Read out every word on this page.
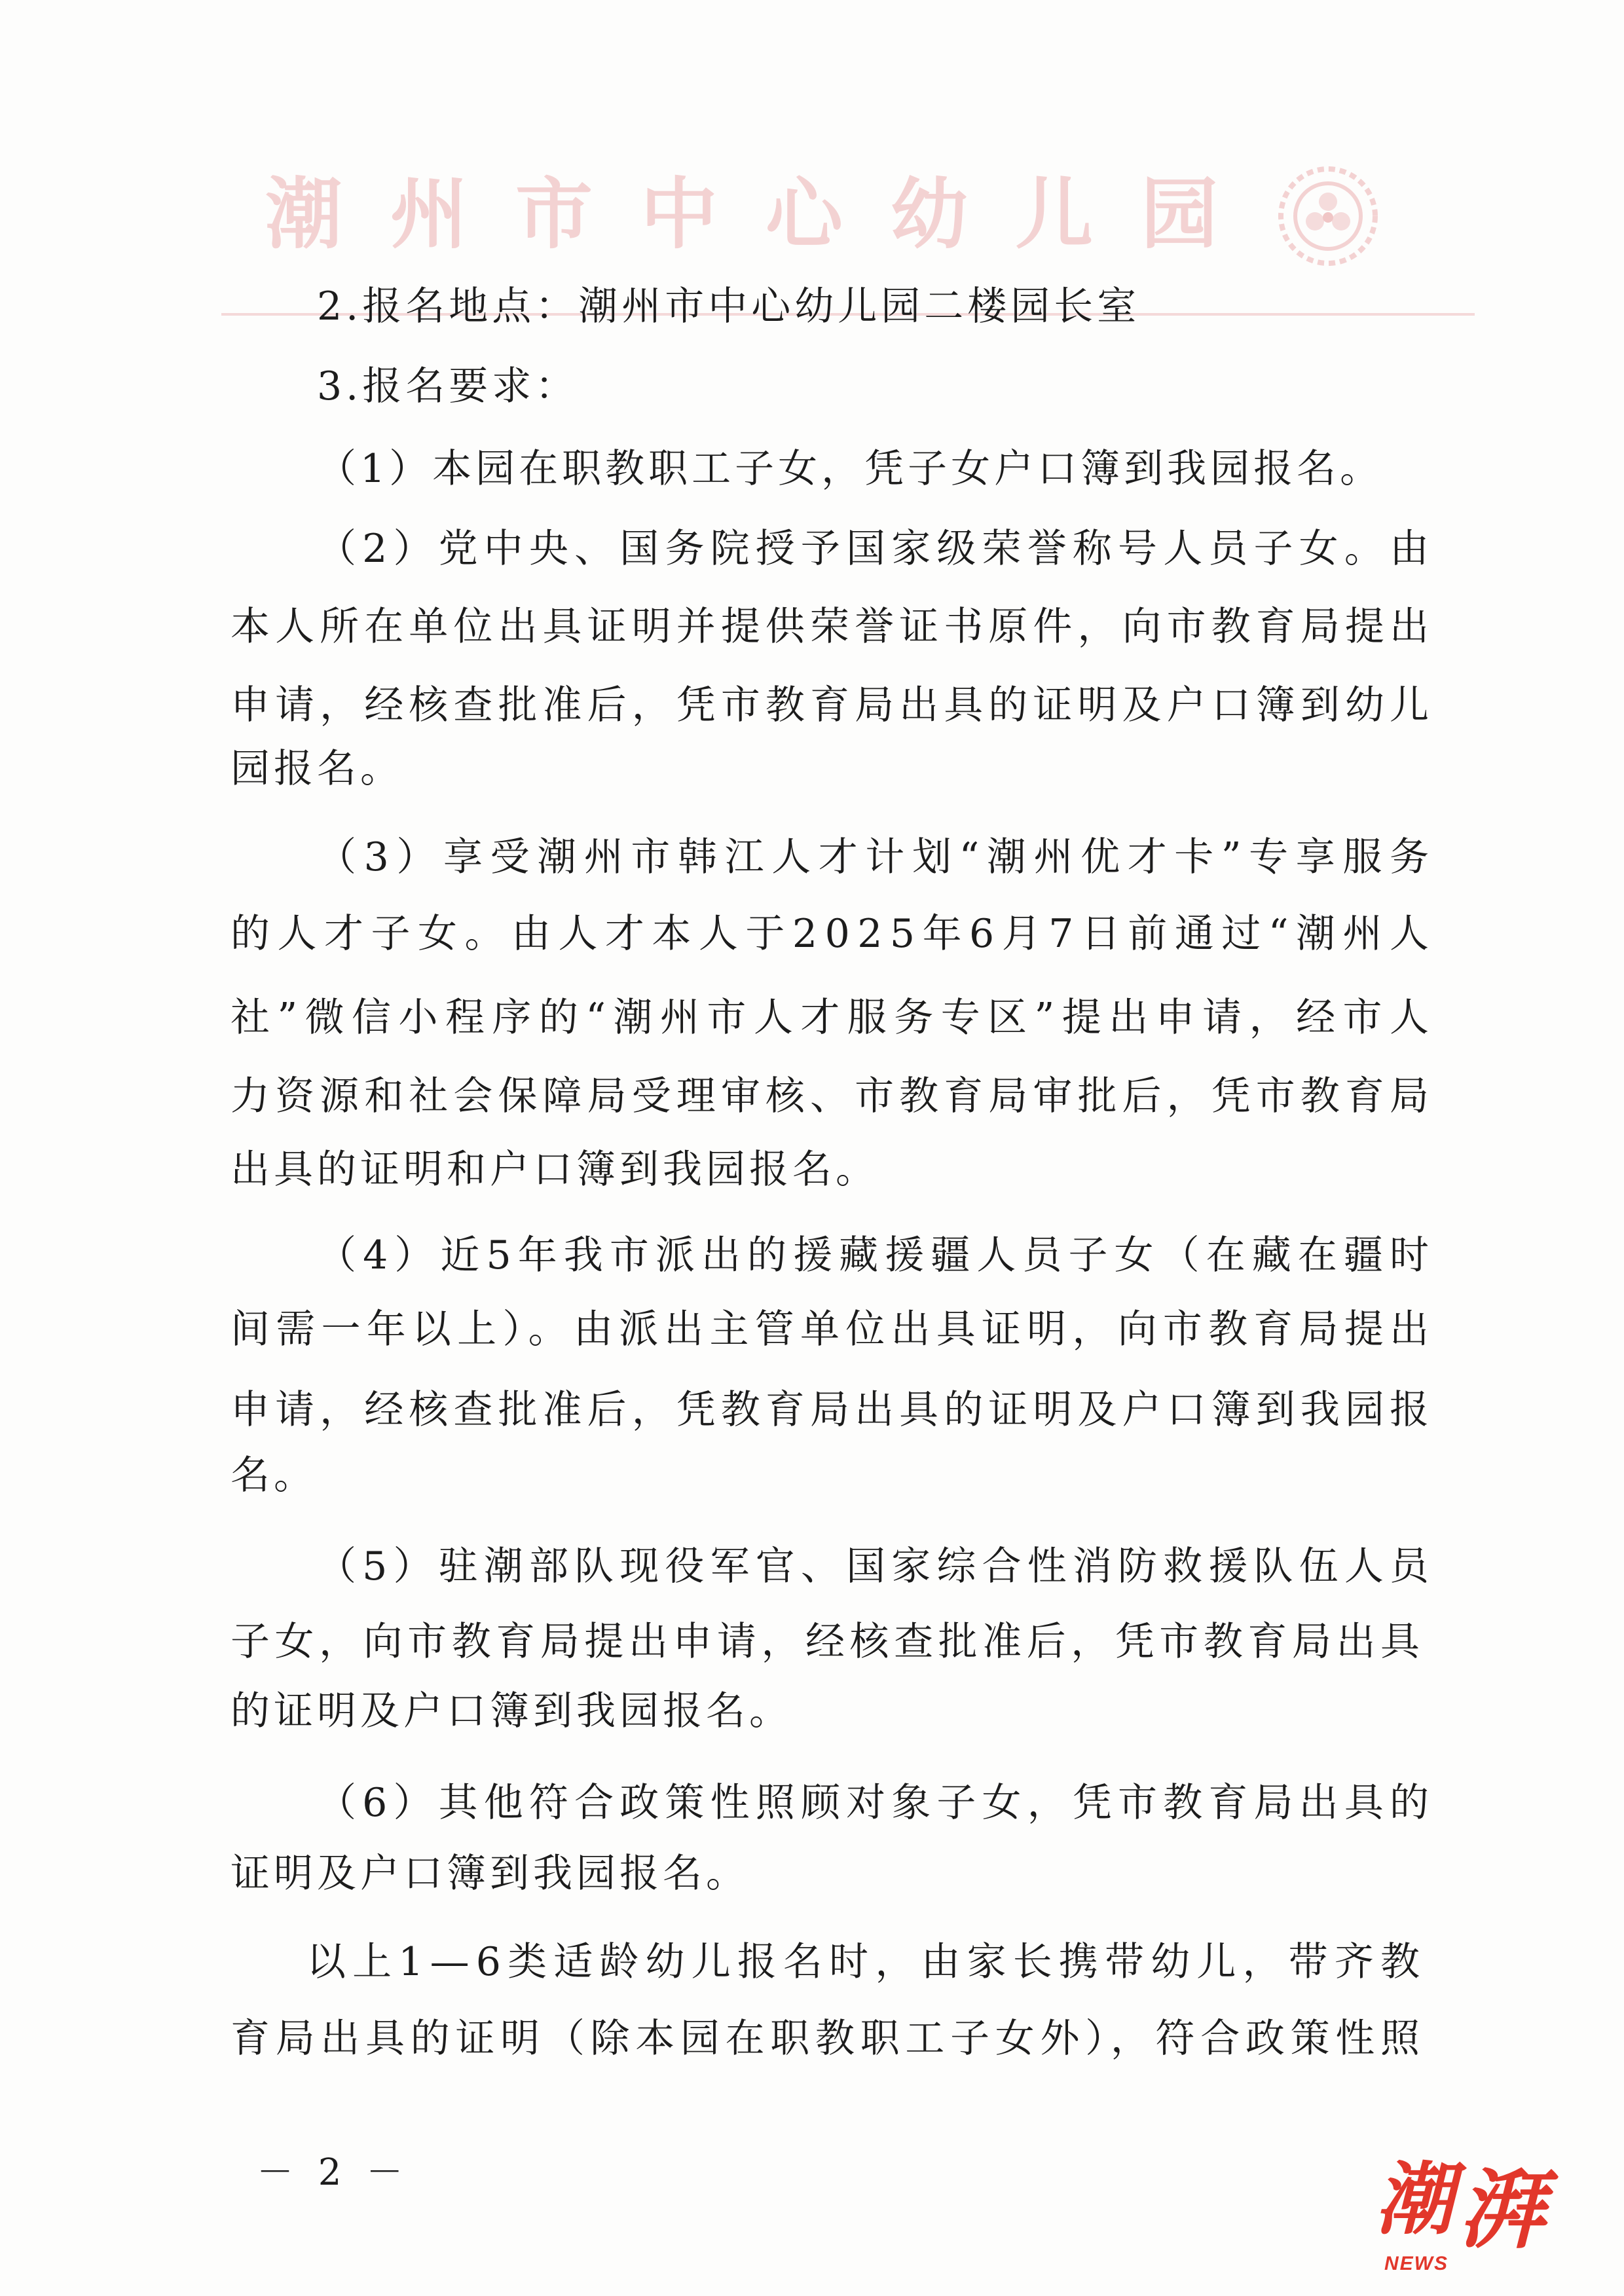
潮州市中心幼儿园
2.报名地点：潮州市中心幼儿园二楼园长室
3.报名要求：
（1）本园在职教职工子女，凭子女户口簿到我园报名。
（2）党中央、国务院授予国家级荣誉称号人员子女。由
本人所在单位出具证明并提供荣誉证书原件，向市教育局提出
申请，经核查批准后，凭市教育局出具的证明及户口簿到幼儿
园报名。
（3）享受潮州市韩江人才计划“潮州优才卡”专享服务
的人才子女。由人才本人于2025年6月7日前通过“潮州人
社”微信小程序的“潮州市人才服务专区”提出申请，经市人
力资源和社会保障局受理审核、市教育局审批后，凭市教育局
出具的证明和户口簿到我园报名。
（4）近5年我市派出的援藏援疆人员子女（在藏在疆时
间需一年以上）。由派出主管单位出具证明，向市教育局提出
申请，经核查批准后，凭教育局出具的证明及户口簿到我园报
名。
（5）驻潮部队现役军官、国家综合性消防救援队伍人员
子女，向市教育局提出申请，经核查批准后，凭市教育局出具
的证明及户口簿到我园报名。
（6）其他符合政策性照顾对象子女，凭市教育局出具的
证明及户口簿到我园报名。
以上1—6类适龄幼儿报名时，由家长携带幼儿，带齐教
育局出具的证明（除本园在职教职工子女外），符合政策性照
－ 2 －	潮 湃
NEWS
